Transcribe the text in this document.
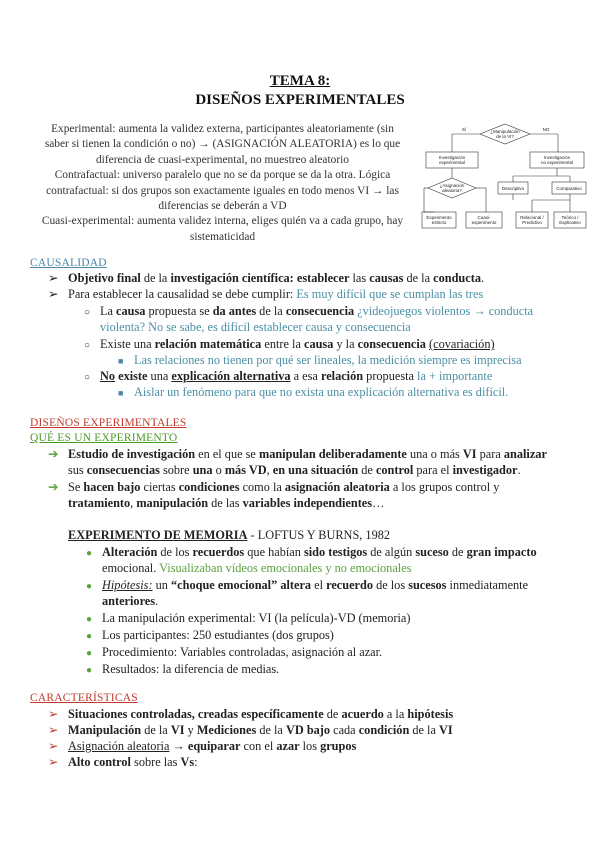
TEMA 8:
DISEÑOS EXPERIMENTALES

Experimental: aumenta la validez externa, participantes aleatoriamente (sin

saber si tienen la condición o no) → (ASIGNACIÓN ALEATORIA) es lo que

diferencia de cuasi-experimental, no muestreo aleatorio

Contrafactual: universo paralelo que no se da porque se da la otra. Lógica

contrafactual: si dos grupos son exactamente iguales en todo menos VI → las

diferencias se deberán a VD

Cuasi-experimental: aumenta validez interna, eliges quién va a cada grupo, hay

sistematicidad

¿Manipulación
de la VI?
Sí	NO
Investigación
experimental
Investigación
no experimental
¿Asignación
aleatoria?
Experimento
estricto
Cuasi-
experimento
Descriptivo	Comparativo
Relacional /
Predictivo
Teórico /
Explicativo
CAUSALIDAD
➢ Objetivo final de la investigación científica: establecer las causas de la conducta.
➢ Para establecer la causalidad se debe cumplir: Es muy difícil que se cumplan las tres
○ La causa propuesta se da antes de la consecuencia ¿videojuegos violentos → conducta
violenta? No se sabe, es difícil establecer causa y consecuencia
○ Existe una relación matemática entre la causa y la consecuencia (covariación)
■ Las relaciones no tienen por qué ser lineales, la medición siempre es imprecisa
○ No existe una explicación alternativa a esa relación propuesta la + importante
■ Aislar un fenómeno para que no exista una explicación alternativa es difícil.
DISEÑOS EXPERIMENTALES
QUÉ ES UN EXPERIMENTO
➔ Estudio de investigación en el que se manipulan deliberadamente una o más VI para analizar
sus consecuencias sobre una o más VD, en una situación de control para el investigador.
➔ Se hacen bajo ciertas condiciones como la asignación aleatoria a los grupos control y
tratamiento, manipulación de las variables independientes…
EXPERIMENTO DE MEMORIA - LOFTUS Y BURNS, 1982
● Alteración de los recuerdos que habían sido testigos de algún suceso de gran impacto
emocional. Visualizaban vídeos emocionales y no emocionales
● Hipótesis: un “choque emocional” altera el recuerdo de los sucesos inmediatamente
anteriores.
● La manipulación experimental: VI (la película)-VD (memoria)
● Los participantes: 250 estudiantes (dos grupos)
● Procedimiento: Variables controladas, asignación al azar.
● Resultados: la diferencia de medias.
CARACTERÍSTICAS
➢ Situaciones controladas, creadas específicamente de acuerdo a la hipótesis
➢ Manipulación de la VI y Mediciones de la VD bajo cada condición de la VI
➢ Asignación aleatoria → equiparar con el azar los grupos
➢ Alto control sobre las Vs:
